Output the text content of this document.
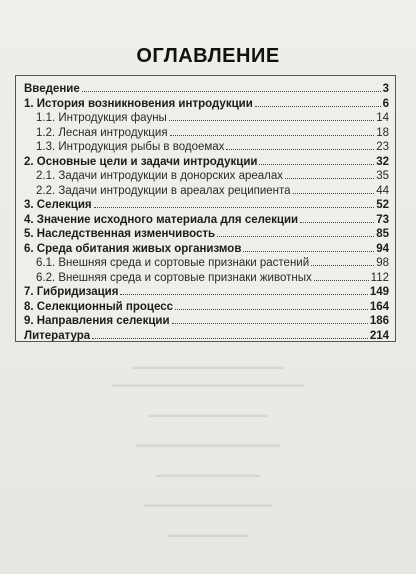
▬▬▬▬▬▬▬▬▬▬▬▬▬▬▬▬▬▬▬
▬▬▬▬▬▬▬▬▬▬▬▬▬▬▬▬▬▬▬▬▬▬▬▬
▬▬▬▬▬▬▬▬▬▬▬▬▬▬▬
▬▬▬▬▬▬▬▬▬▬▬▬▬▬▬▬▬▬
▬▬▬▬▬▬▬▬▬▬▬▬▬
▬▬▬▬▬▬▬▬▬▬▬▬▬▬▬▬
▬▬▬▬▬▬▬▬▬▬
ОГЛАВЛЕНИЕ
Введение	3
1. История возникновения интродукции	6
1.1. Интродукция фауны	14
1.2. Лесная интродукция	18
1.3. Интродукция рыбы в водоемах	23
2. Основные цели и задачи интродукции	32
2.1. Задачи интродукции в донорских ареалах	35
2.2. Задачи интродукции в ареалах реципиента	44
3. Селекция	52
4. Значение исходного материала для селекции	73
5. Наследственная изменчивость	85
6. Среда обитания живых организмов	94
6.1. Внешняя среда и сортовые признаки растений	98
6.2. Внешняя среда и сортовые признаки животных	112
7. Гибридизация	149
8. Селекционный процесс	164
9. Направления селекции	186
Литература	214
